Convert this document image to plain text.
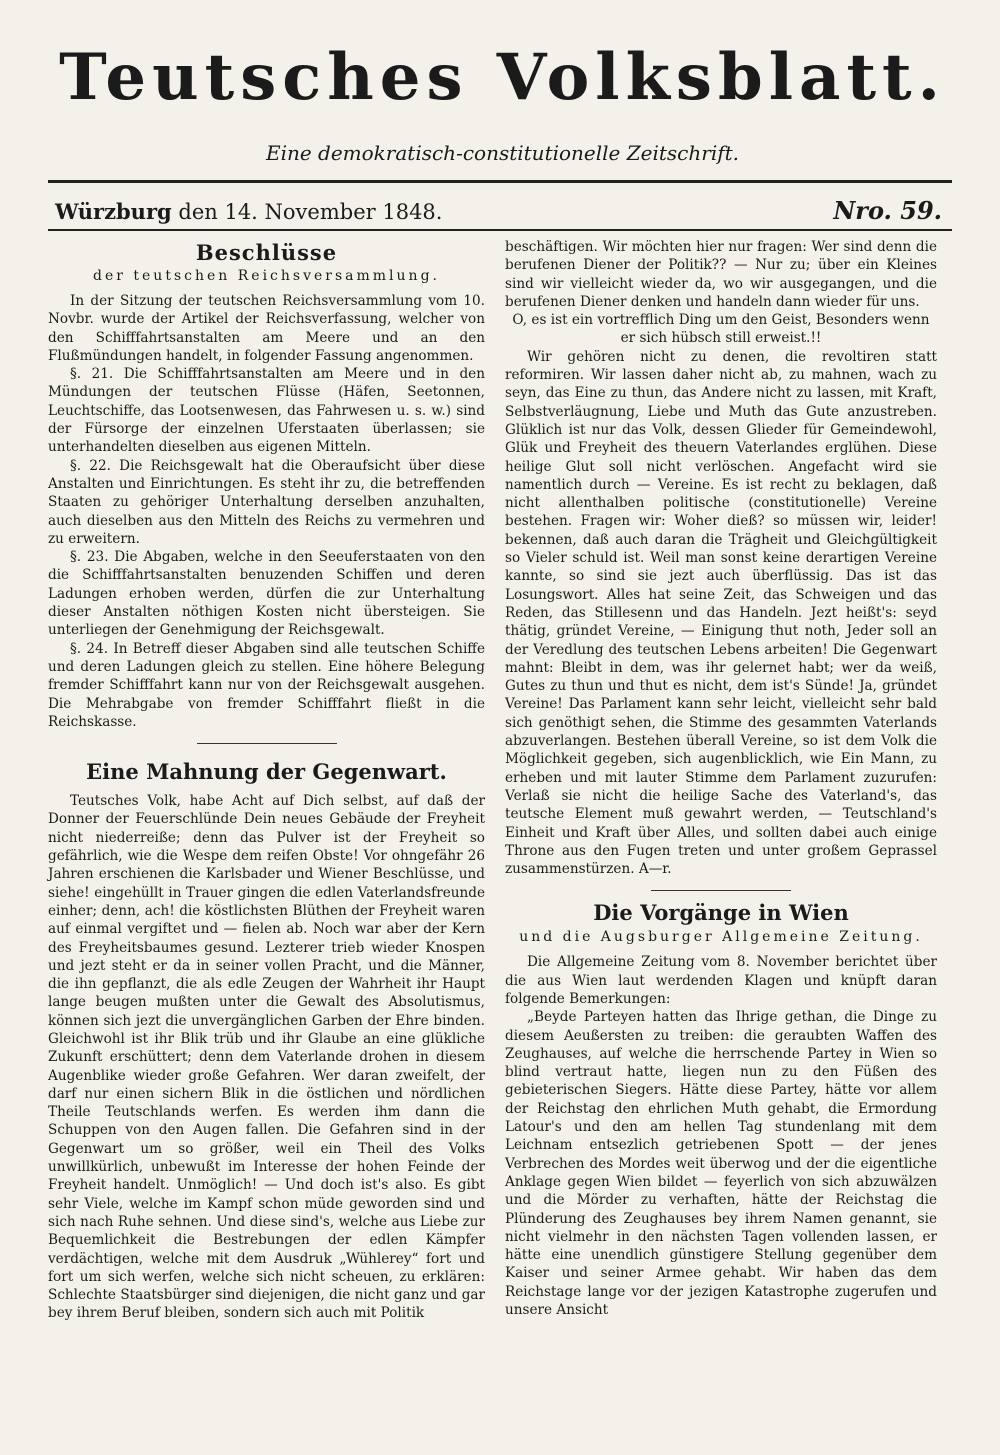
Teutsches Volksblatt.
Eine demokratisch-constitutionelle Zeitschrift.
Würzburg den 14. November 1848.	Nro. 59.
Beschlüsse
der teutschen Reichsversammlung.

In der Sitzung der teutschen Reichsversammlung vom 10. Novbr. wurde der Artikel der Reichsverfassung, welcher von den Schifffahrtsanstalten am Meere und an den Flußmündungen handelt, in folgender Fassung angenommen.

§. 21. Die Schifffahrtsanstalten am Meere und in den Mündungen der teutschen Flüsse (Häfen, Seetonnen, Leuchtschiffe, das Lootsenwesen, das Fahrwesen u. s. w.) sind der Fürsorge der einzelnen Uferstaaten überlassen; sie unterhandelten dieselben aus eigenen Mitteln.

§. 22. Die Reichsgewalt hat die Oberaufsicht über diese Anstalten und Einrichtungen. Es steht ihr zu, die betreffenden Staaten zu gehöriger Unterhaltung derselben anzuhalten, auch dieselben aus den Mitteln des Reichs zu vermehren und zu erweitern.

§. 23. Die Abgaben, welche in den Seeuferstaaten von den die Schifffahrtsanstalten benuzenden Schiffen und deren Ladungen erhoben werden, dürfen die zur Unterhaltung dieser Anstalten nöthigen Kosten nicht übersteigen. Sie unterliegen der Genehmigung der Reichsgewalt.

§. 24. In Betreff dieser Abgaben sind alle teutschen Schiffe und deren Ladungen gleich zu stellen. Eine höhere Belegung fremder Schifffahrt kann nur von der Reichsgewalt ausgehen. Die Mehrabgabe von fremder Schifffahrt fließt in die Reichskasse.

Eine Mahnung der Gegenwart.

Teutsches Volk, habe Acht auf Dich selbst, auf daß der Donner der Feuerschlünde Dein neues Gebäude der Freyheit nicht niederreiße; denn das Pulver ist der Freyheit so gefährlich, wie die Wespe dem reifen Obste! Vor ohngefähr 26 Jahren erschienen die Karlsbader und Wiener Beschlüsse, und siehe! eingehüllt in Trauer gingen die edlen Vaterlandsfreunde einher; denn, ach! die köstlichsten Blüthen der Freyheit waren auf einmal vergiftet und — fielen ab. Noch war aber der Kern des Freyheitsbaumes gesund. Lezterer trieb wieder Knospen und jezt steht er da in seiner vollen Pracht, und die Männer, die ihn gepflanzt, die als edle Zeugen der Wahrheit ihr Haupt lange beugen mußten unter die Gewalt des Absolutismus, können sich jezt die unvergänglichen Garben der Ehre binden. Gleichwohl ist ihr Blik trüb und ihr Glaube an eine glükliche Zukunft erschüttert; denn dem Vaterlande drohen in diesem Augenblike wieder große Gefahren. Wer daran zweifelt, der darf nur einen sichern Blik in die östlichen und nördlichen Theile Teutschlands werfen. Es werden ihm dann die Schuppen von den Augen fallen. Die Gefahren sind in der Gegenwart um so größer, weil ein Theil des Volks unwillkürlich, unbewußt im Interesse der hohen Feinde der Freyheit handelt. Unmöglich! — Und doch ist's also. Es gibt sehr Viele, welche im Kampf schon müde geworden sind und sich nach Ruhe sehnen. Und diese sind's, welche aus Liebe zur Bequemlichkeit die Bestrebungen der edlen Kämpfer verdächtigen, welche mit dem Ausdruk „Wühlerey“ fort und fort um sich werfen, welche sich nicht scheuen, zu erklären: Schlechte Staatsbürger sind diejenigen, die nicht ganz und gar bey ihrem Beruf bleiben, sondern sich auch mit Politik

beschäftigen. Wir möchten hier nur fragen: Wer sind denn die berufenen Diener der Politik?? — Nur zu; über ein Kleines sind wir vielleicht wieder da, wo wir ausgegangen, und die berufenen Diener denken und handeln dann wieder für uns.

O, es ist ein vortrefflich Ding um den Geist, Besonders wenn er sich hübsch still erweist.!!

Wir gehören nicht zu denen, die revoltiren statt reformiren. Wir lassen daher nicht ab, zu mahnen, wach zu seyn, das Eine zu thun, das Andere nicht zu lassen, mit Kraft, Selbstverläugnung, Liebe und Muth das Gute anzustreben. Glüklich ist nur das Volk, dessen Glieder für Gemeindewohl, Glük und Freyheit des theuern Vaterlandes erglühen. Diese heilige Glut soll nicht verlöschen. Angefacht wird sie namentlich durch — Vereine. Es ist recht zu beklagen, daß nicht allenthalben politische (constitutionelle) Vereine bestehen. Fragen wir: Woher dieß? so müssen wir, leider! bekennen, daß auch daran die Trägheit und Gleichgültigkeit so Vieler schuld ist. Weil man sonst keine derartigen Vereine kannte, so sind sie jezt auch überflüssig. Das ist das Losungswort. Alles hat seine Zeit, das Schweigen und das Reden, das Stillesenn und das Handeln. Jezt heißt's: seyd thätig, gründet Vereine, — Einigung thut noth, Jeder soll an der Veredlung des teutschen Lebens arbeiten! Die Gegenwart mahnt: Bleibt in dem, was ihr gelernet habt; wer da weiß, Gutes zu thun und thut es nicht, dem ist's Sünde! Ja, gründet Vereine! Das Parlament kann sehr leicht, vielleicht sehr bald sich genöthigt sehen, die Stimme des gesammten Vaterlands abzuverlangen. Bestehen überall Vereine, so ist dem Volk die Möglichkeit gegeben, sich augenblicklich, wie Ein Mann, zu erheben und mit lauter Stimme dem Parlament zuzurufen: Verlaß sie nicht die heilige Sache des Vaterland's, das teutsche Element muß gewahrt werden, — Teutschland's Einheit und Kraft über Alles, und sollten dabei auch einige Throne aus den Fugen treten und unter großem Geprassel zusammenstürzen. A—r.

Die Vorgänge in Wien
und die Augsburger Allgemeine Zeitung.

Die Allgemeine Zeitung vom 8. November berichtet über die aus Wien laut werdenden Klagen und knüpft daran folgende Bemerkungen:

„Beyde Parteyen hatten das Ihrige gethan, die Dinge zu diesem Aeußersten zu treiben: die geraubten Waffen des Zeughauses, auf welche die herrschende Partey in Wien so blind vertraut hatte, liegen nun zu den Füßen des gebieterischen Siegers. Hätte diese Partey, hätte vor allem der Reichstag den ehrlichen Muth gehabt, die Ermordung Latour's und den am hellen Tag stundenlang mit dem Leichnam entsezlich getriebenen Spott — der jenes Verbrechen des Mordes weit überwog und der die eigentliche Anklage gegen Wien bildet — feyerlich von sich abzuwälzen und die Mörder zu verhaften, hätte der Reichstag die Plünderung des Zeughauses bey ihrem Namen genannt, sie nicht vielmehr in den nächsten Tagen vollenden lassen, er hätte eine unendlich günstigere Stellung gegenüber dem Kaiser und seiner Armee gehabt. Wir haben das dem Reichstage lange vor der jezigen Katastrophe zugerufen und unsere Ansicht
